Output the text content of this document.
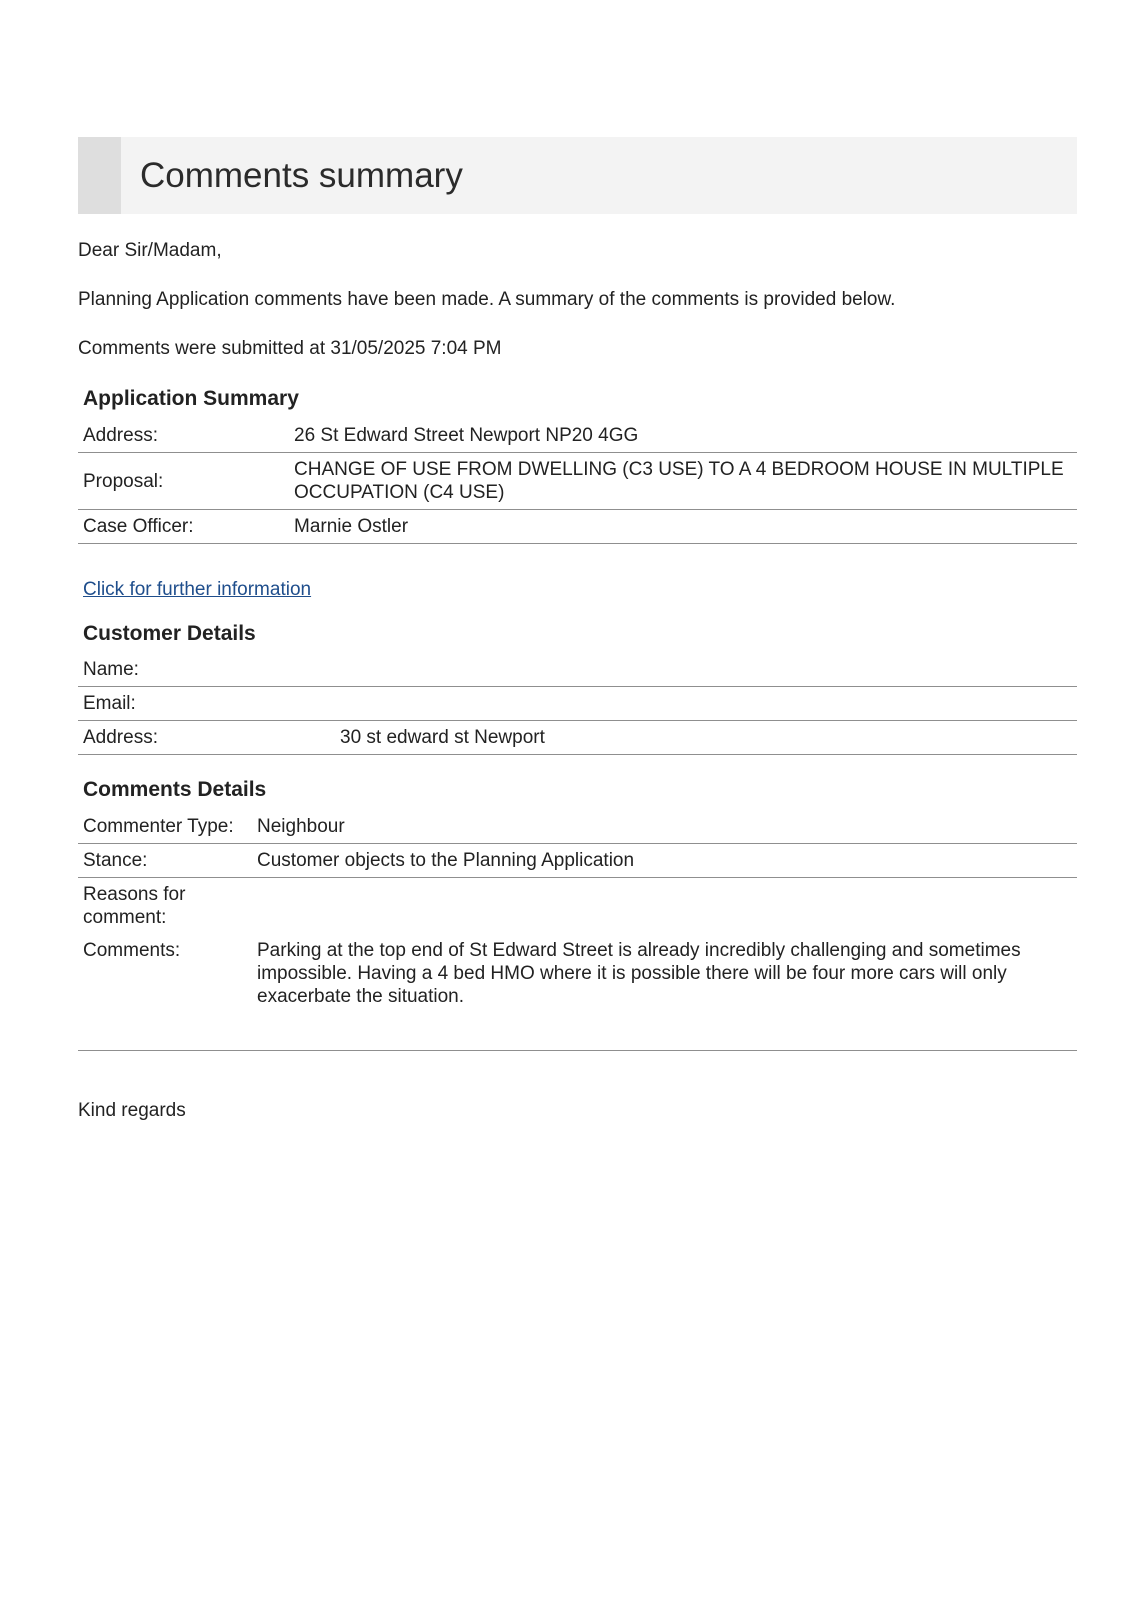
Comments summary

Dear Sir/Madam,

Planning Application comments have been made. A summary of the comments is provided below.

Comments were submitted at 31/05/2025 7:04 PM

Application Summary
Address:	26 St Edward Street Newport NP20 4GG
Proposal:	CHANGE OF USE FROM DWELLING (C3 USE) TO A 4 BEDROOM HOUSE IN MULTIPLE OCCUPATION (C4 USE)
Case Officer:	Marnie Ostler
Click for further information
Customer Details
Name:	
Email:	
Address:	30 st edward st Newport
Comments Details
Commenter Type:	Neighbour
Stance:	Customer objects to the Planning Application
Reasons for comment:	
Comments:	Parking at the top end of St Edward Street is already incredibly challenging and sometimes impossible. Having a 4 bed HMO where it is possible there will be four more cars will only exacerbate the situation.

Kind regards
